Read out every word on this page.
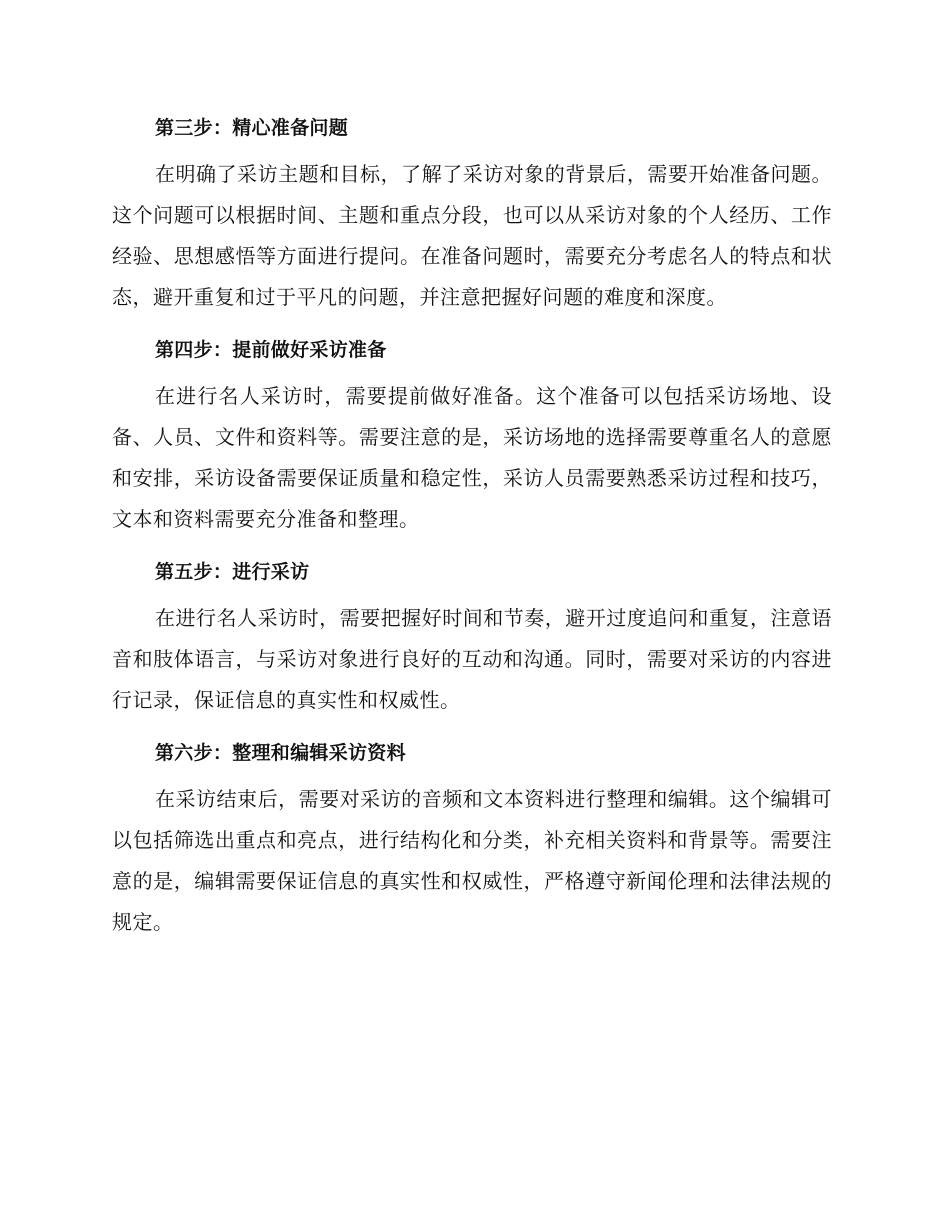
第三步：精心准备问题

在明确了采访主题和目标，了解了采访对象的背景后，需要开始准备问题。这个问题可以根据时间、主题和重点分段，也可以从采访对象的个人经历、工作经验、思想感悟等方面进行提问。在准备问题时，需要充分考虑名人的特点和状态，避开重复和过于平凡的问题，并注意把握好问题的难度和深度。

第四步：提前做好采访准备

在进行名人采访时，需要提前做好准备。这个准备可以包括采访场地、设备、人员、文件和资料等。需要注意的是，采访场地的选择需要尊重名人的意愿和安排，采访设备需要保证质量和稳定性，采访人员需要熟悉采访过程和技巧，文本和资料需要充分准备和整理。

第五步：进行采访

在进行名人采访时，需要把握好时间和节奏，避开过度追问和重复，注意语音和肢体语言，与采访对象进行良好的互动和沟通。同时，需要对采访的内容进行记录，保证信息的真实性和权威性。

第六步：整理和编辑采访资料

在采访结束后，需要对采访的音频和文本资料进行整理和编辑。这个编辑可以包括筛选出重点和亮点，进行结构化和分类，补充相关资料和背景等。需要注意的是，编辑需要保证信息的真实性和权威性，严格遵守新闻伦理和法律法规的规定。
